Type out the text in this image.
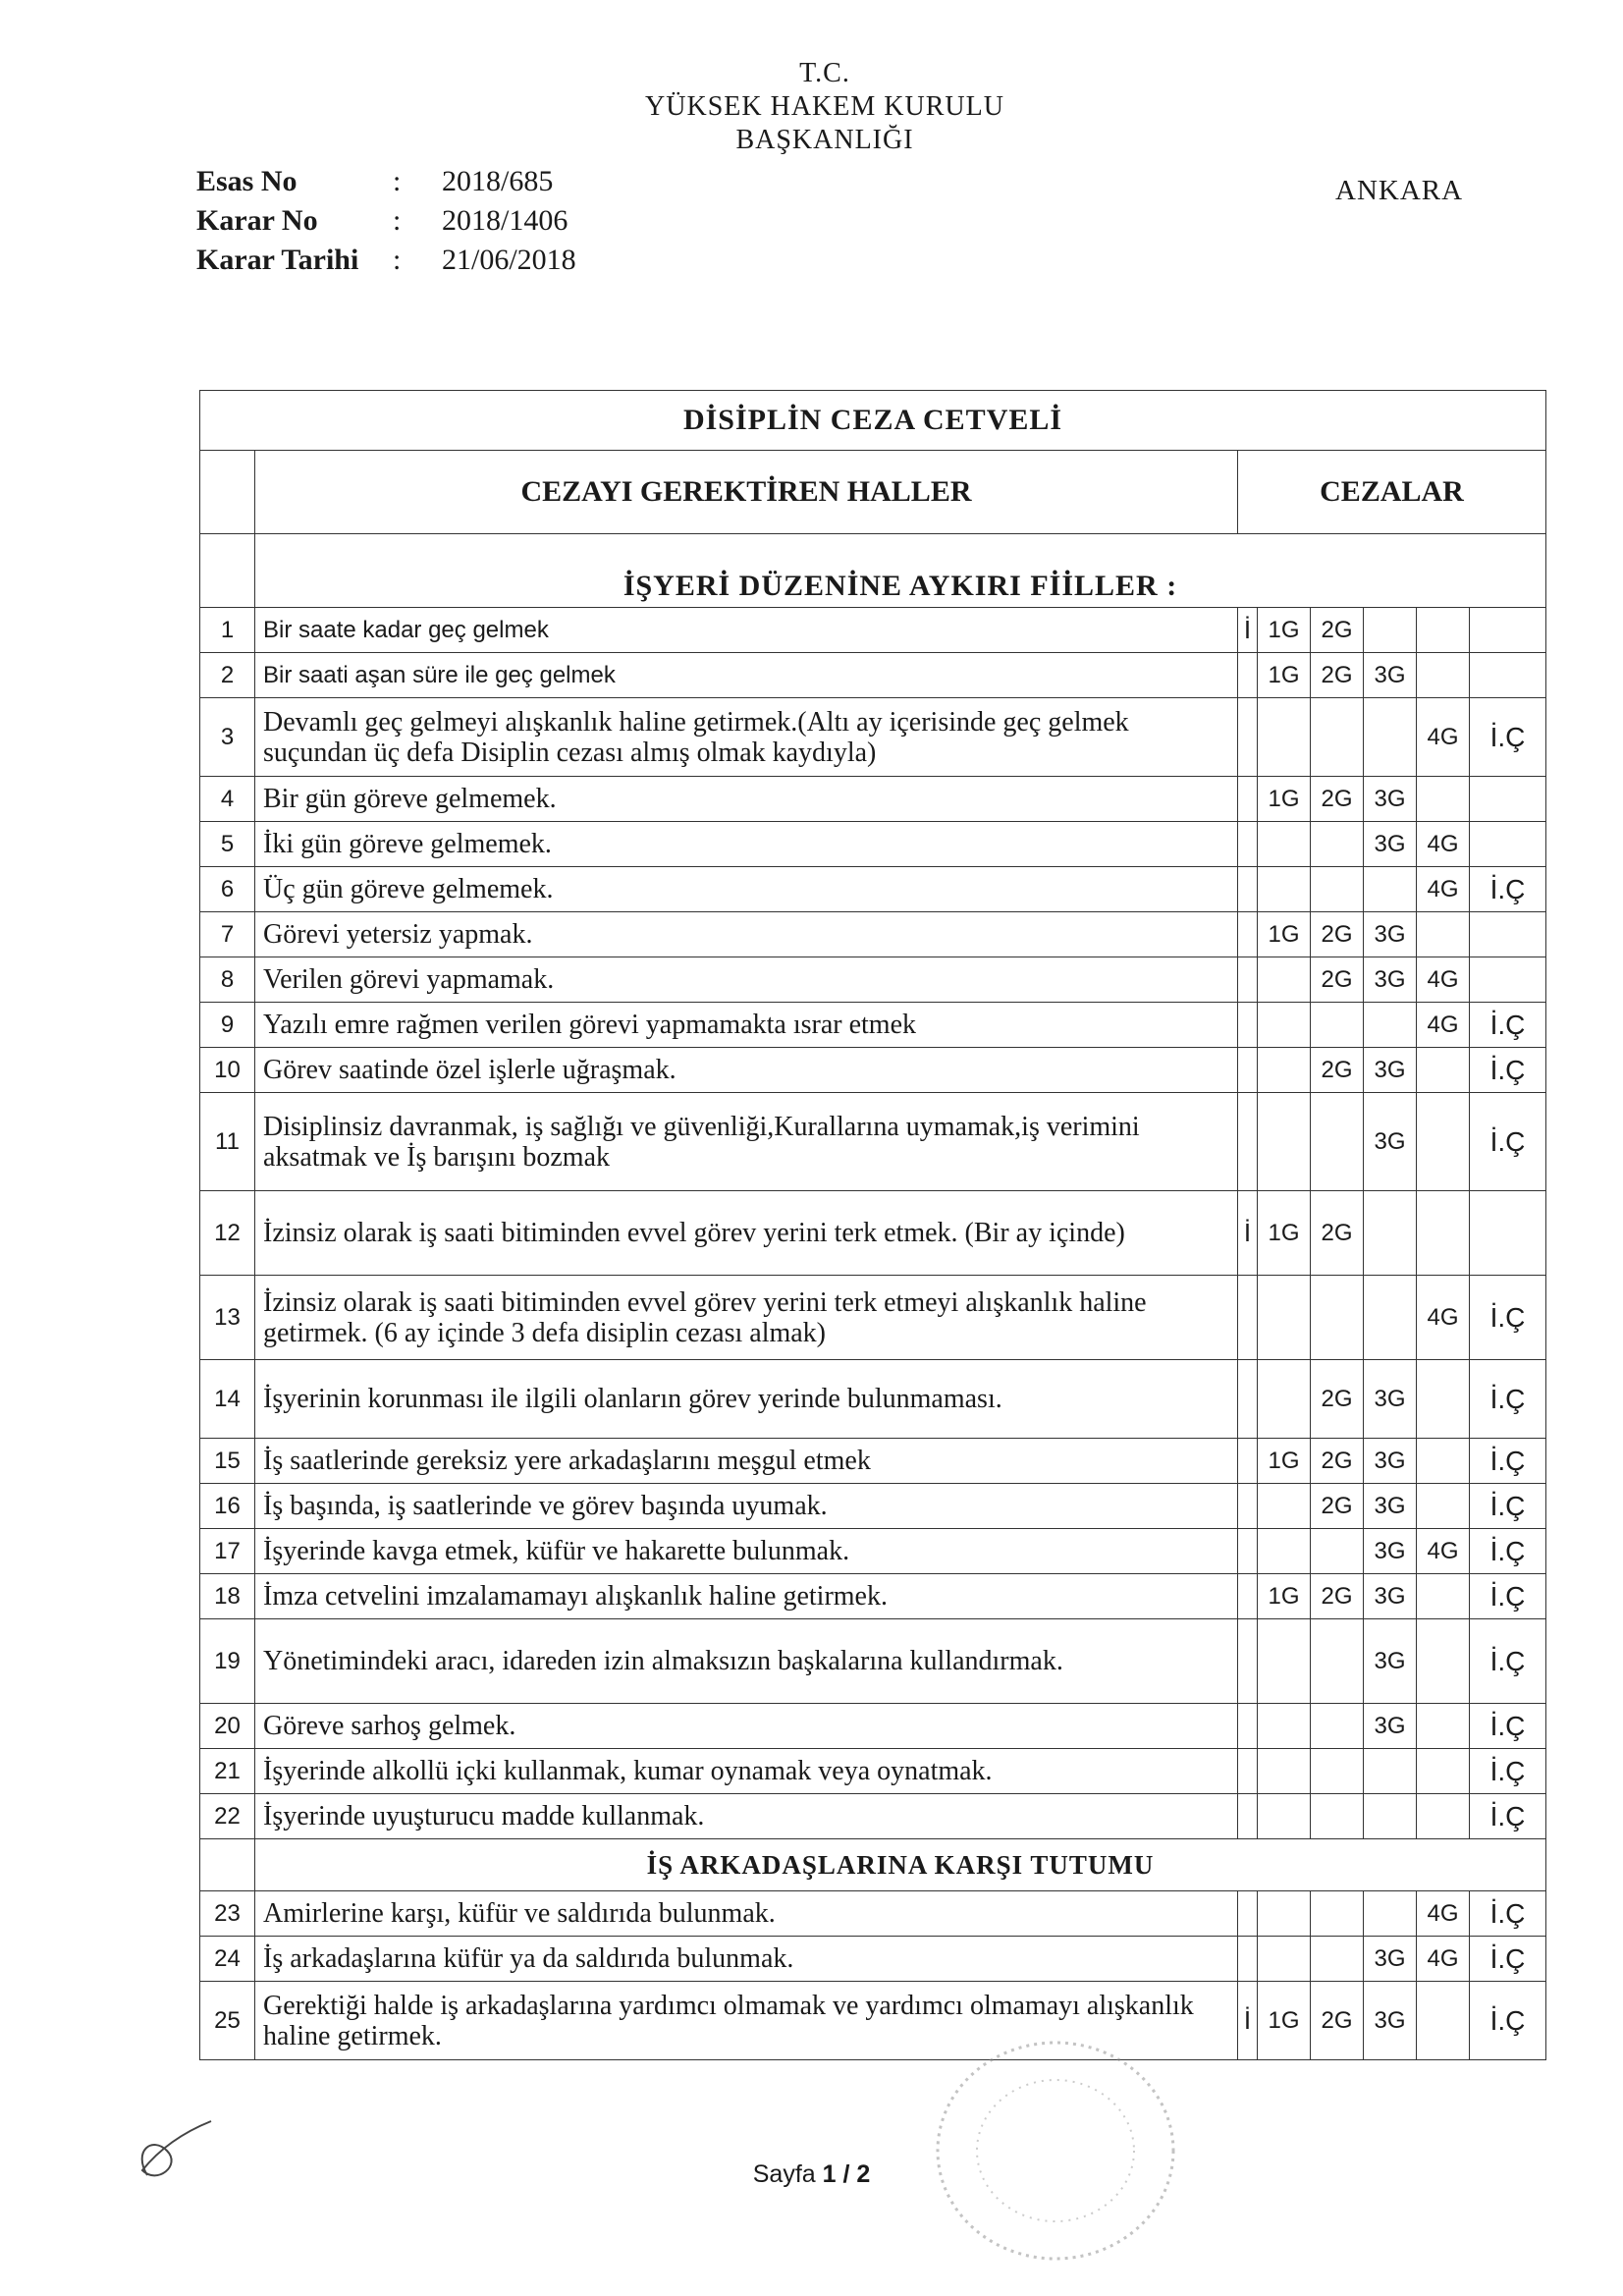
T.C.
YÜKSEK HAKEM KURULU
BAŞKANLIĞI
Esas No	:	2018/685
Karar No	:	2018/1406
Karar Tarihi	:	21/06/2018
ANKARA
DİSİPLİN CEZA CETVELİ							
	CEZAYI GEREKTİREN HALLER	CEZALAR					
	İŞYERİ DÜZENİNE AYKIRI FİİLLER :						
1	Bir saate kadar geç gelmek	İ	1G	2G			
2	Bir saati aşan süre ile geç gelmek		1G	2G	3G		
3	Devamlı geç gelmeyi alışkanlık haline getirmek.(Altı ay içerisinde geç gelmek suçundan üç defa Disiplin cezası almış olmak kaydıyla)					4G	İ.Ç
4	Bir gün göreve gelmemek.		1G	2G	3G		
5	İki gün göreve gelmemek.				3G	4G	
6	Üç gün göreve gelmemek.					4G	İ.Ç
7	Görevi yetersiz yapmak.		1G	2G	3G		
8	Verilen görevi yapmamak.			2G	3G	4G	
9	Yazılı emre rağmen verilen görevi yapmamakta ısrar etmek					4G	İ.Ç
10	Görev saatinde özel işlerle uğraşmak.			2G	3G		İ.Ç
11	Disiplinsiz davranmak, iş sağlığı ve güvenliği,Kurallarına uymamak,iş verimini aksatmak ve İş barışını bozmak				3G		İ.Ç
12	İzinsiz olarak iş saati bitiminden evvel görev yerini terk etmek. (Bir ay içinde)	İ	1G	2G			
13	İzinsiz olarak iş saati bitiminden evvel görev yerini terk etmeyi alışkanlık haline getirmek. (6 ay içinde 3 defa disiplin cezası almak)					4G	İ.Ç
14	İşyerinin korunması ile ilgili olanların görev yerinde bulunmaması.			2G	3G		İ.Ç
15	İş saatlerinde gereksiz yere arkadaşlarını meşgul etmek		1G	2G	3G		İ.Ç
16	İş başında, iş saatlerinde ve görev başında uyumak.			2G	3G		İ.Ç
17	İşyerinde kavga etmek, küfür ve hakarette bulunmak.				3G	4G	İ.Ç
18	İmza cetvelini imzalamamayı alışkanlık haline getirmek.		1G	2G	3G		İ.Ç
19	Yönetimindeki aracı, idareden izin almaksızın başkalarına kullandırmak.				3G		İ.Ç
20	Göreve sarhoş gelmek.				3G		İ.Ç
21	İşyerinde alkollü içki kullanmak, kumar oynamak veya oynatmak.						İ.Ç
22	İşyerinde uyuşturucu madde kullanmak.						İ.Ç
	İŞ ARKADAŞLARINA KARŞI TUTUMU						
23	Amirlerine karşı, küfür ve saldırıda bulunmak.					4G	İ.Ç
24	İş arkadaşlarına küfür ya da saldırıda bulunmak.				3G	4G	İ.Ç
25	Gerektiği halde iş arkadaşlarına yardımcı olmamak ve yardımcı olmamayı alışkanlık haline getirmek.	İ	1G	2G	3G		İ.Ç
Sayfa 1 / 2
